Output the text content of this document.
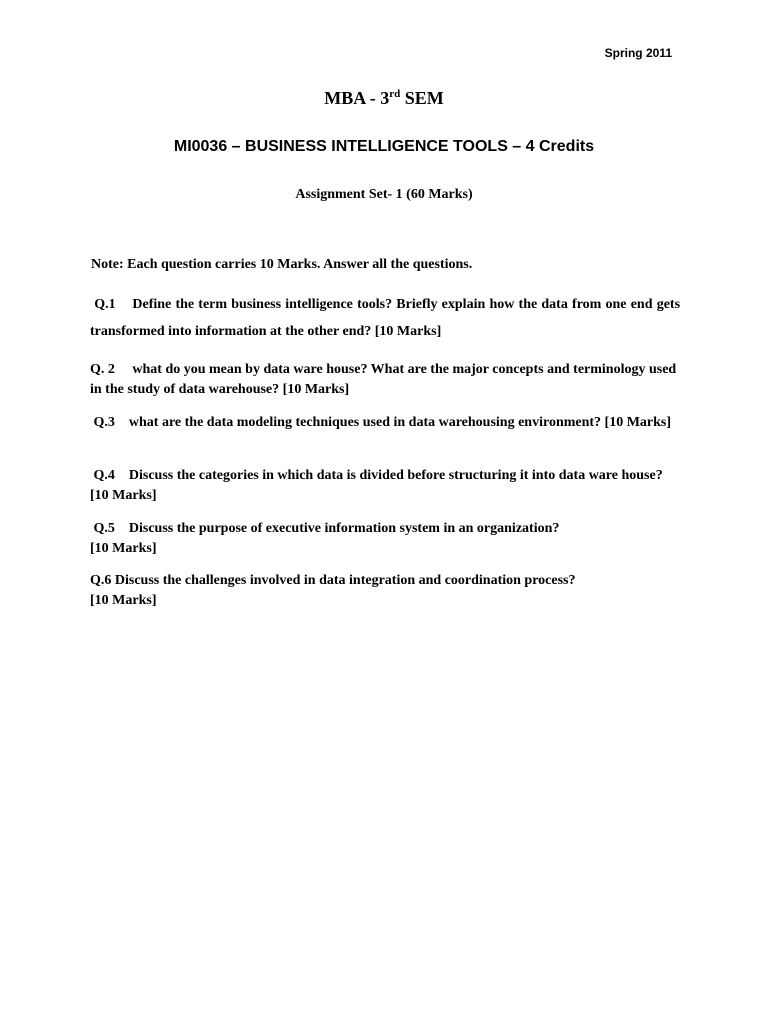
Spring 2011
MBA - 3rd SEM
MI0036 – BUSINESS INTELLIGENCE TOOLS – 4 Credits
Assignment Set- 1 (60 Marks)
Note: Each question carries 10 Marks. Answer all the questions.
Q.1 Define the term business intelligence tools? Briefly explain how the data from one end gets transformed into information at the other end? [10 Marks]
Q. 2 what do you mean by data ware house? What are the major concepts and terminology used in the study of data warehouse? [10 Marks]
Q.3 what are the data modeling techniques used in data warehousing environment? [10 Marks]
Q.4 Discuss the categories in which data is divided before structuring it into data ware house? [10 Marks]
Q.5 Discuss the purpose of executive information system in an organization?
[10 Marks]
Q.6 Discuss the challenges involved in data integration and coordination process?
[10 Marks]
